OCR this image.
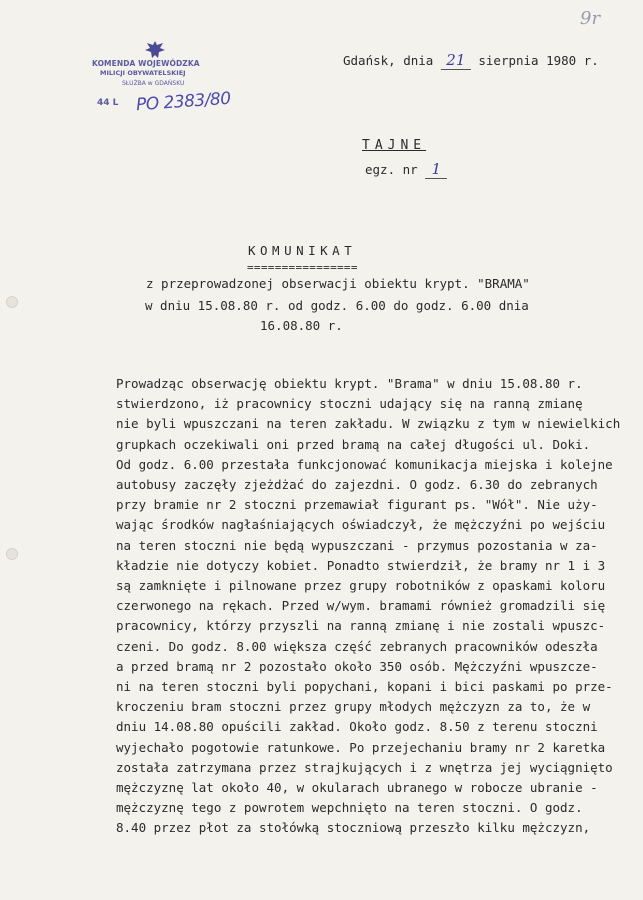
9r
KOMENDA WOJEWÓDZKA
MILICJI OBYWATELSKIEJ
SŁUŻBA w GDAŃSKU
44 L PO 2383/80
Gdańsk, dnia 21 sierpnia 1980 r.
TAJNE
egz. nr 1
KOMUNIKAT
================
z przeprowadzonej obserwacji obiektu krypt. "BRAMA"
w dniu 15.08.80 r. od godz. 6.00 do godz. 6.00 dnia
16.08.80 r.
Prowadząc obserwację obiektu krypt. "Brama" w dniu 15.08.80 r.
stwierdzono, iż pracownicy stoczni udający się na ranną zmianę
nie byli wpuszczani na teren zakładu. W związku z tym w niewielkich
grupkach oczekiwali oni przed bramą na całej długości ul. Doki.
Od godz. 6.00 przestała funkcjonować komunikacja miejska i kolejne
autobusy zaczęły zjeżdżać do zajezdni. O godz. 6.30 do zebranych
przy bramie nr 2 stoczni przemawiał figurant ps. "Wół". Nie uży-
wając środków nagłaśniających oświadczył, że mężczyźni po wejściu
na teren stoczni nie będą wypuszczani - przymus pozostania w za-
kładzie nie dotyczy kobiet. Ponadto stwierdził, że bramy nr 1 i 3
są zamknięte i pilnowane przez grupy robotników z opaskami koloru
czerwonego na rękach. Przed w/wym. bramami również gromadzili się
pracownicy, którzy przyszli na ranną zmianę i nie zostali wpuszc-
czeni. Do godz. 8.00 większa część zebranych pracowników odeszła
a przed bramą nr 2 pozostało około 350 osób. Mężczyźni wpuszcze-
ni na teren stoczni byli popychani, kopani i bici paskami po prze-
kroczeniu bram stoczni przez grupy młodych mężczyzn za to, że w
dniu 14.08.80 opuścili zakład. Około godz. 8.50 z terenu stoczni
wyjechało pogotowie ratunkowe. Po przejechaniu bramy nr 2 karetka
została zatrzymana przez strajkujących i z wnętrza jej wyciągnięto
mężczyznę lat około 40, w okularach ubranego w robocze ubranie -
mężczyznę tego z powrotem wepchnięto na teren stoczni. O godz.
8.40 przez płot za stołówką stoczniową przeszło kilku mężczyzn,
